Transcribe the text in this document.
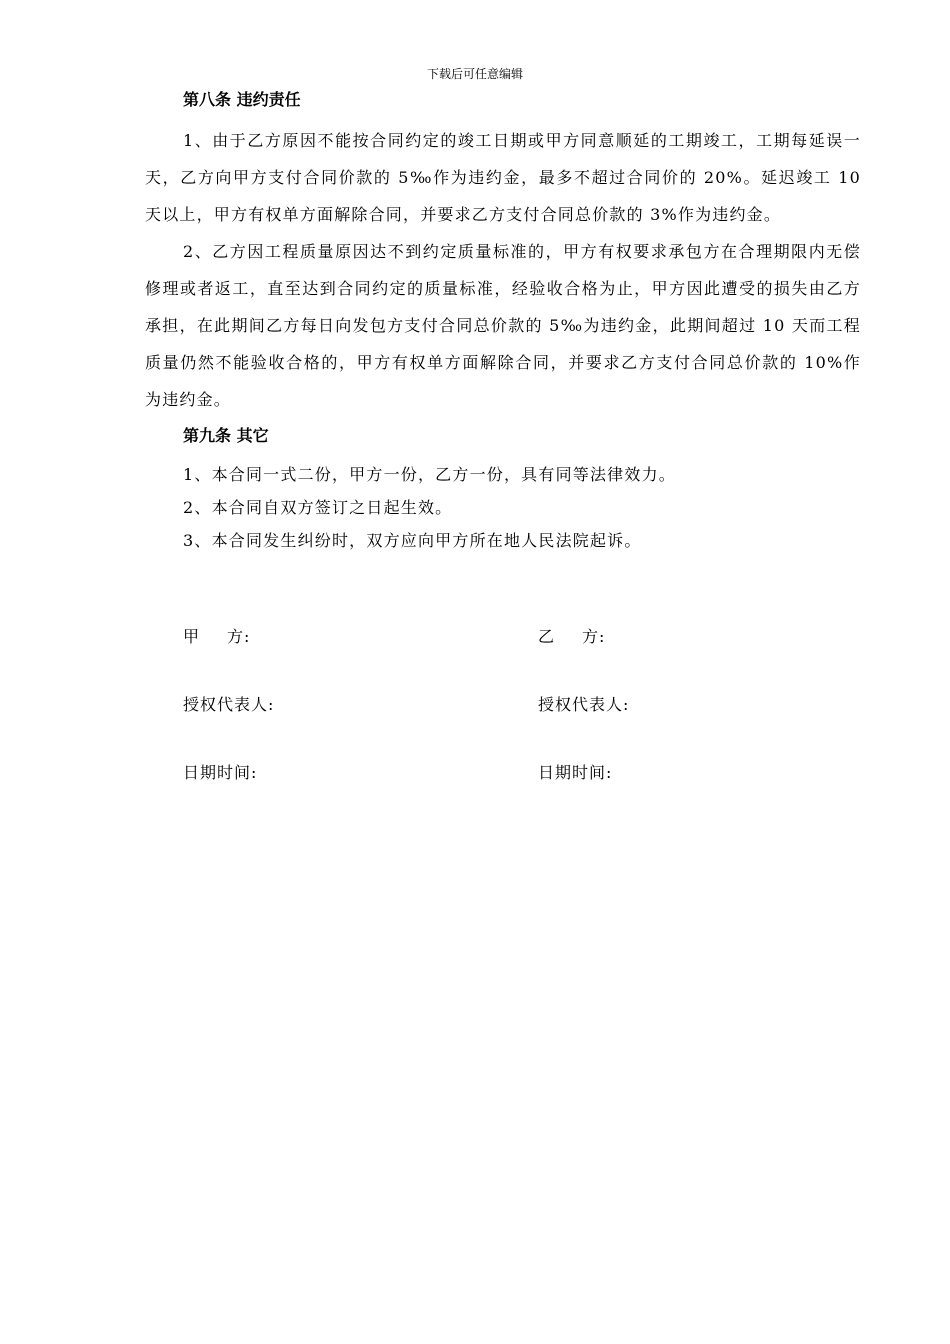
下载后可任意编辑
第八条 违约责任

1、由于乙方原因不能按合同约定的竣工日期或甲方同意顺延的工期竣工，工期每延误一天，乙方向甲方支付合同价款的 5‰作为违约金，最多不超过合同价的 20%。延迟竣工 10 天以上，甲方有权单方面解除合同，并要求乙方支付合同总价款的 3%作为违约金。

2、乙方因工程质量原因达不到约定质量标准的，甲方有权要求承包方在合理期限内无偿修理或者返工，直至达到合同约定的质量标准，经验收合格为止，甲方因此遭受的损失由乙方承担，在此期间乙方每日向发包方支付合同总价款的 5‰为违约金，此期间超过 10 天而工程质量仍然不能验收合格的，甲方有权单方面解除合同，并要求乙方支付合同总价款的 10%作为违约金。

第九条 其它

1、本合同一式二份，甲方一份，乙方一份，具有同等法律效力。

2、本合同自双方签订之日起生效。

3、本合同发生纠纷时，双方应向甲方所在地人民法院起诉。

甲方:	乙方:
授权代表人:	授权代表人:
日期时间:	日期时间:
